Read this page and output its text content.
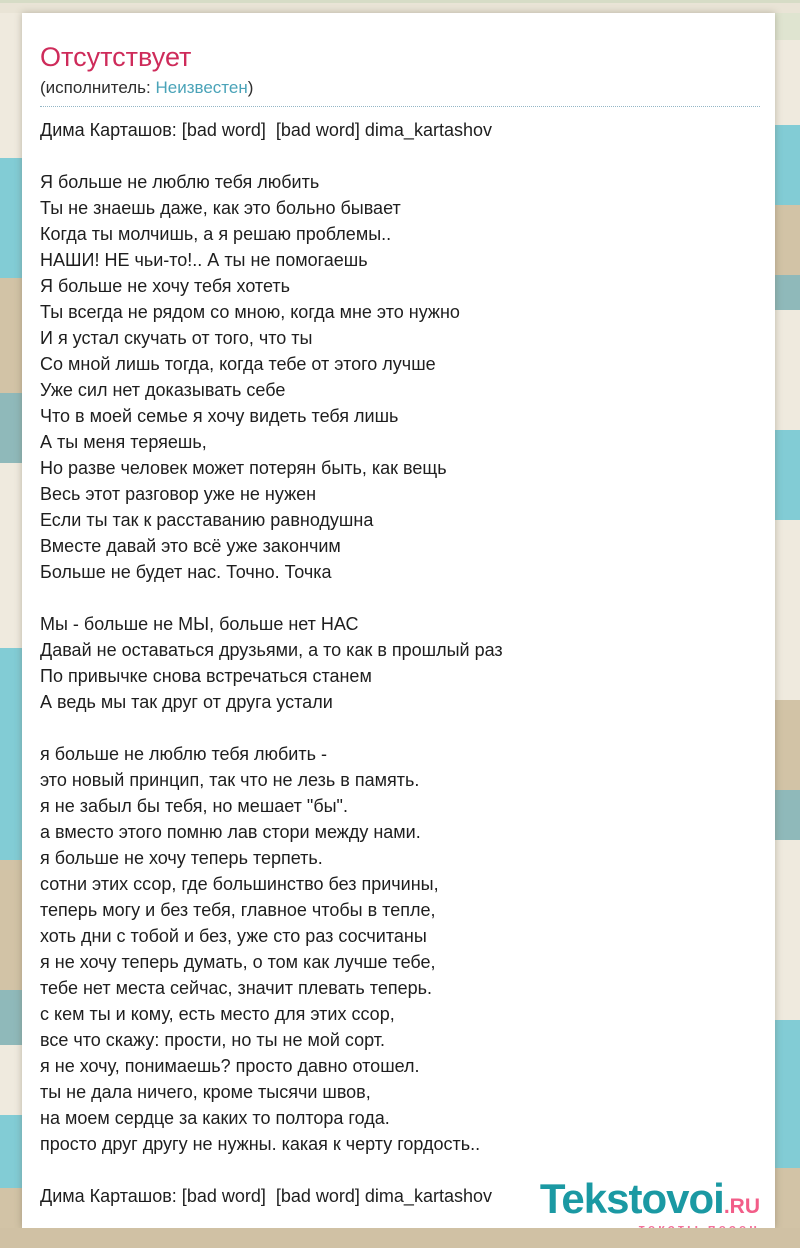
Отсутствует
(исполнитель: Неизвестен)
Дима Карташов: [bad word]  [bad word] dima_kartashov

Я больше не люблю тебя любить
Ты не знаешь даже, как это больно бывает
Когда ты молчишь, а я решаю проблемы..
НАШИ! НЕ чьи-то!.. А ты не помогаешь
Я больше не хочу тебя хотеть
Ты всегда не рядом со мною, когда мне это нужно
И я устал скучать от того, что ты
Со мной лишь тогда, когда тебе от этого лучше
Уже сил нет доказывать себе
Что в моей семье я хочу видеть тебя лишь
А ты меня теряешь,
Но разве человек может потерян быть, как вещь
Весь этот разговор уже не нужен
Если ты так к расставанию равнодушна
Вместе давай это всё уже закончим
Больше не будет нас. Точно. Точка

Мы - больше не МЫ, больше нет НАС
Давай не оставаться друзьями, а то как в прошлый раз
По привычке снова встречаться станем
А ведь мы так друг от друга устали

я больше не люблю тебя любить -
это новый принцип, так что не лезь в память.
я не забыл бы тебя, но мешает "бы".
а вместо этого помню лав стори между нами.
я больше не хочу теперь терпеть.
сотни этих ссор, где большинство без причины,
теперь могу и без тебя, главное чтобы в тепле,
хоть дни с тобой и без, уже сто раз сосчитаны
я не хочу теперь думать, о том как лучше тебе,
тебе нет места сейчас, значит плевать теперь.
с кем ты и кому, есть место для этих ссор,
все что скажу: прости, но ты не мой сорт.
я не хочу, понимаешь? просто давно отошел.
ты не дала ничего, кроме тысячи швов,
на моем сердце за каких то полтора года.
просто друг другу не нужны. какая к черту гордость..

Дима Карташов: [bad word]  [bad word] dima_kartashov	Tekstovoi.RU
